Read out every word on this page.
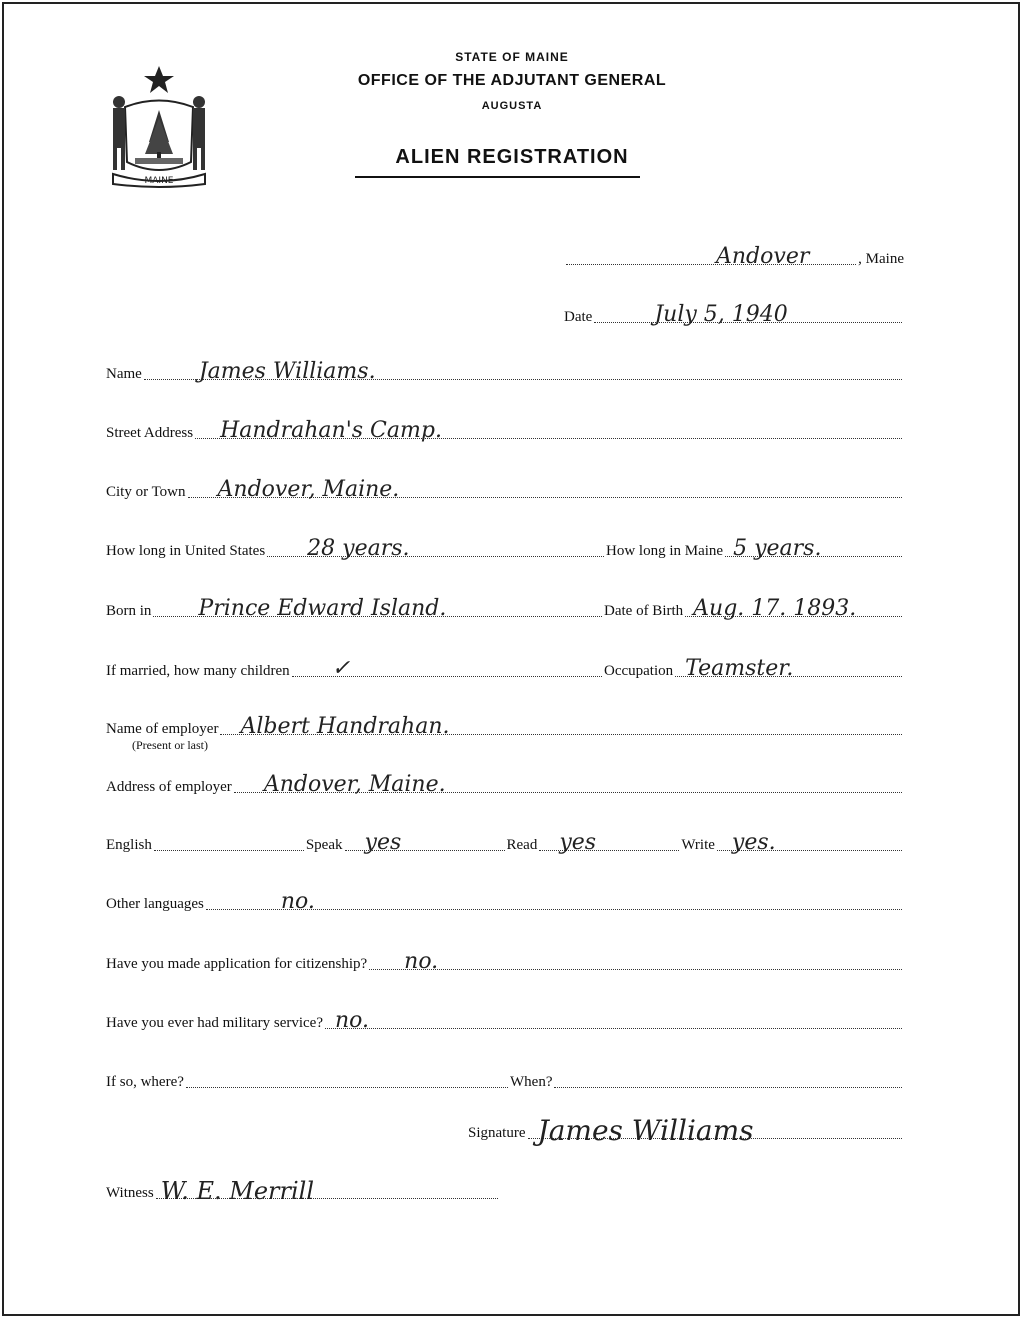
MAINE
STATE OF MAINE
OFFICE OF THE ADJUTANT GENERAL
AUGUSTA
ALIEN REGISTRATION
Andover	, Maine
Date	July 5, 1940
Name	James Williams.
Street Address Handrahan's Camp.
City or Town Andover, Maine.
How long in United States 28 years.	How long in Maine 5 years.
Born in Prince Edward Island.	Date of Birth Aug. 17. 1893.
If married, how many children ✓	Occupation Teamster.
Name of employer Albert Handrahan.
(Present or last)
Address of employer Andover, Maine.
English	Speak yes	Read yes	Write yes.
Other languages	no.
Have you made application for citizenship? no.
Have you ever had military service? no.
If so, where?	When?
Signature James Williams
Witness W. E. Merrill
